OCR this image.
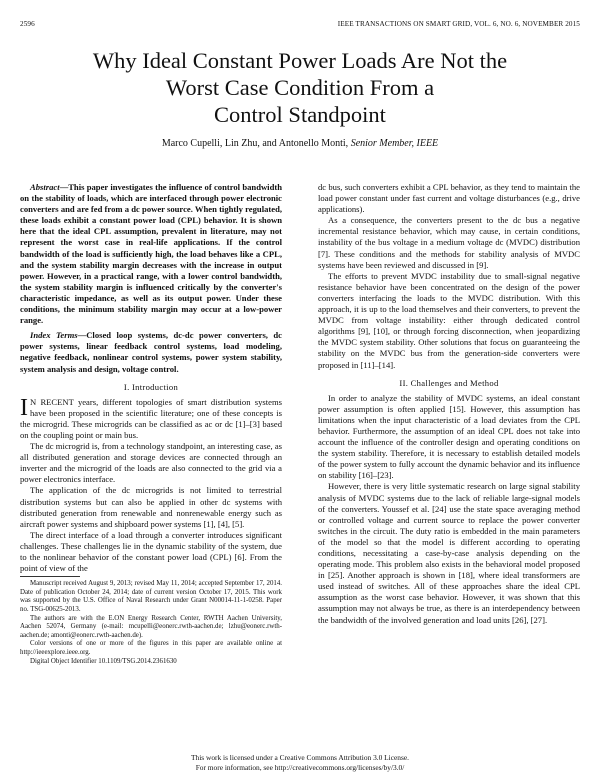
2596	IEEE TRANSACTIONS ON SMART GRID, VOL. 6, NO. 6, NOVEMBER 2015
Why Ideal Constant Power Loads Are Not the
Worst Case Condition From a
Control Standpoint
Marco Cupelli, Lin Zhu, and Antonello Monti, Senior Member, IEEE

Abstract—This paper investigates the influence of control bandwidth on the stability of loads, which are interfaced through power electronic converters and are fed from a dc power source. When tightly regulated, these loads exhibit a constant power load (CPL) behavior. It is shown here that the ideal CPL assumption, prevalent in literature, may not represent the worst case in real-life applications. If the control bandwidth of the load is sufficiently high, the load behaves like a CPL, and the system stability margin decreases with the increase in output power. However, in a practical range, with a lower control bandwidth, the system stability margin is influenced critically by the converter's characteristic impedance, as well as its output power. Under these conditions, the minimum stability margin may occur at a low-power range.

Index Terms—Closed loop systems, dc-dc power converters, dc power systems, linear feedback control systems, load modeling, negative feedback, nonlinear control systems, power system stability, system analysis and design, voltage control.

I. Introduction

I N RECENT years, different topologies of smart distribution systems have been proposed in the scientific literature; one of these concepts is the microgrid. These microgrids can be classified as ac or dc [1]–[3] based on the coupling point or main bus.

The dc microgrid is, from a technology standpoint, an interesting case, as all distributed generation and storage devices are connected through an inverter and the microgrid of the loads are also connected to the grid via a power electronics interface.

The application of the dc microgrids is not limited to terrestrial distribution systems but can also be applied in other dc systems with distributed generation from renewable and nonrenewable energy such as aircraft power systems and shipboard power systems [1], [4], [5].

The direct interface of a load through a converter introduces significant challenges. These challenges lie in the dynamic stability of the system, due to the nonlinear behavior of the constant power load (CPL) [6]. From the point of view of the

Manuscript received August 9, 2013; revised May 11, 2014; accepted September 17, 2014. Date of publication October 24, 2014; date of current version October 17, 2015. This work was supported by the U.S. Office of Naval Research under Grant N00014-11-1-0258. Paper no. TSG-00625-2013.

The authors are with the E.ON Energy Research Center, RWTH Aachen University, Aachen 52074, Germany (e-mail: mcupelli@eonerc.rwth-aachen.de; lzhu@eonerc.rwth-aachen.de; amonti@eonerc.rwth-aachen.de).

Color versions of one or more of the figures in this paper are available online at http://ieeexplore.ieee.org.

Digital Object Identifier 10.1109/TSG.2014.2361630

dc bus, such converters exhibit a CPL behavior, as they tend to maintain the load power constant under fast current and voltage disturbances (e.g., drive applications).

As a consequence, the converters present to the dc bus a negative incremental resistance behavior, which may cause, in certain conditions, instability of the bus voltage in a medium voltage dc (MVDC) distribution [7]. These conditions and the methods for stability analysis of MVDC systems have been reviewed and discussed in [9].

The efforts to prevent MVDC instability due to small-signal negative resistance behavior have been concentrated on the design of the power converters interfacing the loads to the MVDC distribution. With this approach, it is up to the load themselves and their converters, to prevent the MVDC from voltage instability: either through dedicated control algorithms [9], [10], or through forcing disconnection, when jeopardizing the MVDC system stability. Other solutions that focus on guaranteeing the stability on the MVDC bus from the generation-side converters were proposed in [11]–[14].

II. Challenges and Method

In order to analyze the stability of MVDC systems, an ideal constant power assumption is often applied [15]. However, this assumption has limitations when the input characteristic of a load deviates from the CPL behavior. Furthermore, the assumption of an ideal CPL does not take into account the influence of the controller design and operating conditions on the system stability. Therefore, it is necessary to establish detailed models of the power system to fully account the dynamic behavior and its influence on stability [16]–[23].

However, there is very little systematic research on large signal stability analysis of MVDC systems due to the lack of reliable large-signal models of the converters. Youssef et al. [24] use the state space averaging method or controlled voltage and current source to replace the power converter switches in the circuit. The duty ratio is embedded in the main parameters of the model so that the model is different according to operating conditions, necessitating a case-by-case analysis depending on the operating mode. This problem also exists in the behavioral model proposed in [25]. Another approach is shown in [18], where ideal transformers are used instead of switches. All of these approaches share the ideal CPL assumption as the worst case behavior. However, it was shown that this assumption may not always be true, as there is an interdependency between the bandwidth of the involved generation and load units [26], [27].

This work is licensed under a Creative Commons Attribution 3.0 License.
For more information, see http://creativecommons.org/licenses/by/3.0/
